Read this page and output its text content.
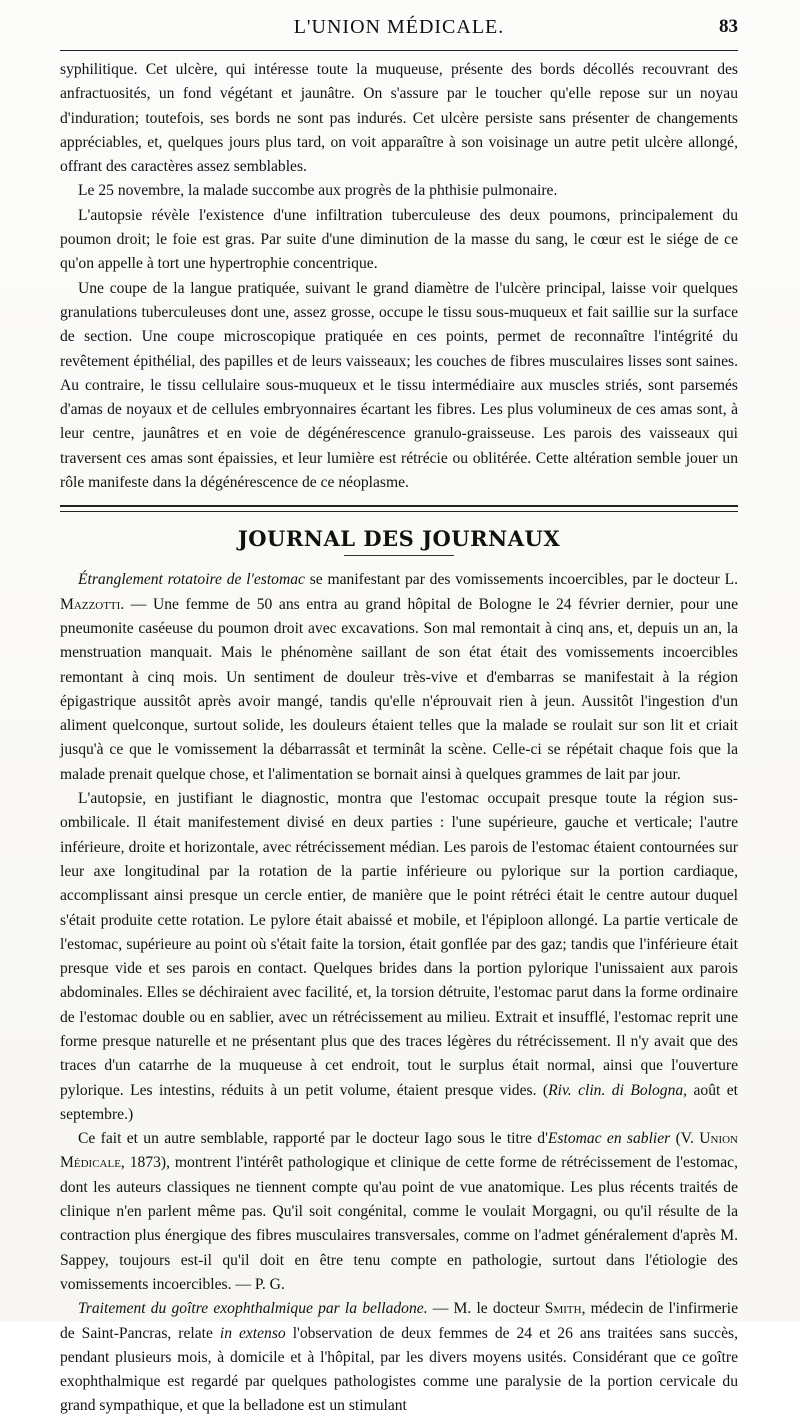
L'UNION MÉDICALE.	83

syphilitique. Cet ulcère, qui intéresse toute la muqueuse, présente des bords décollés recouvrant des anfractuosités, un fond végétant et jaunâtre. On s'assure par le toucher qu'elle repose sur un noyau d'induration; toutefois, ses bords ne sont pas indurés. Cet ulcère persiste sans présenter de changements appréciables, et, quelques jours plus tard, on voit apparaître à son voisinage un autre petit ulcère allongé, offrant des caractères assez semblables.

Le 25 novembre, la malade succombe aux progrès de la phthisie pulmonaire.

L'autopsie révèle l'existence d'une infiltration tuberculeuse des deux poumons, principalement du poumon droit; le foie est gras. Par suite d'une diminution de la masse du sang, le cœur est le siége de ce qu'on appelle à tort une hypertrophie concentrique.

Une coupe de la langue pratiquée, suivant le grand diamètre de l'ulcère principal, laisse voir quelques granulations tuberculeuses dont une, assez grosse, occupe le tissu sous-muqueux et fait saillie sur la surface de section. Une coupe microscopique pratiquée en ces points, permet de reconnaître l'intégrité du revêtement épithélial, des papilles et de leurs vaisseaux; les couches de fibres musculaires lisses sont saines. Au contraire, le tissu cellulaire sous-muqueux et le tissu intermédiaire aux muscles striés, sont parsemés d'amas de noyaux et de cellules embryonnaires écartant les fibres. Les plus volumineux de ces amas sont, à leur centre, jaunâtres et en voie de dégénérescence granulo-graisseuse. Les parois des vaisseaux qui traversent ces amas sont épaissies, et leur lumière est rétrécie ou oblitérée. Cette altération semble jouer un rôle manifeste dans la dégénérescence de ce néoplasme.

JOURNAL DES JOURNAUX

Étranglement rotatoire de l'estomac se manifestant par des vomissements incoercibles, par le docteur L. Mazzotti. — Une femme de 50 ans entra au grand hôpital de Bologne le 24 février dernier, pour une pneumonite caséeuse du poumon droit avec excavations. Son mal remontait à cinq ans, et, depuis un an, la menstruation manquait. Mais le phénomène saillant de son état était des vomissements incoercibles remontant à cinq mois. Un sentiment de douleur très-vive et d'embarras se manifestait à la région épigastrique aussitôt après avoir mangé, tandis qu'elle n'éprouvait rien à jeun. Aussitôt l'ingestion d'un aliment quelconque, surtout solide, les douleurs étaient telles que la malade se roulait sur son lit et criait jusqu'à ce que le vomissement la débarrassât et terminât la scène. Celle-ci se répétait chaque fois que la malade prenait quelque chose, et l'alimentation se bornait ainsi à quelques grammes de lait par jour.

L'autopsie, en justifiant le diagnostic, montra que l'estomac occupait presque toute la région sus-ombilicale. Il était manifestement divisé en deux parties : l'une supérieure, gauche et verticale; l'autre inférieure, droite et horizontale, avec rétrécissement médian. Les parois de l'estomac étaient contournées sur leur axe longitudinal par la rotation de la partie inférieure ou pylorique sur la portion cardiaque, accomplissant ainsi presque un cercle entier, de manière que le point rétréci était le centre autour duquel s'était produite cette rotation. Le pylore était abaissé et mobile, et l'épiploon allongé. La partie verticale de l'estomac, supérieure au point où s'était faite la torsion, était gonflée par des gaz; tandis que l'inférieure était presque vide et ses parois en contact. Quelques brides dans la portion pylorique l'unissaient aux parois abdominales. Elles se déchiraient avec facilité, et, la torsion détruite, l'estomac parut dans la forme ordinaire de l'estomac double ou en sablier, avec un rétrécissement au milieu. Extrait et insufflé, l'estomac reprit une forme presque naturelle et ne présentant plus que des traces légères du rétrécissement. Il n'y avait que des traces d'un catarrhe de la muqueuse à cet endroit, tout le surplus était normal, ainsi que l'ouverture pylorique. Les intestins, réduits à un petit volume, étaient presque vides. (Riv. clin. di Bologna, août et septembre.)

Ce fait et un autre semblable, rapporté par le docteur Iago sous le titre d'Estomac en sablier (V. Union Médicale, 1873), montrent l'intérêt pathologique et clinique de cette forme de rétrécissement de l'estomac, dont les auteurs classiques ne tiennent compte qu'au point de vue anatomique. Les plus récents traités de clinique n'en parlent même pas. Qu'il soit congénital, comme le voulait Morgagni, ou qu'il résulte de la contraction plus énergique des fibres musculaires transversales, comme on l'admet généralement d'après M. Sappey, toujours est-il qu'il doit en être tenu compte en pathologie, surtout dans l'étiologie des vomissements incoercibles. — P. G.

Traitement du goître exophthalmique par la belladone. — M. le docteur Smith, médecin de l'infirmerie de Saint-Pancras, relate in extenso l'observation de deux femmes de 24 et 26 ans traitées sans succès, pendant plusieurs mois, à domicile et à l'hôpital, par les divers moyens usités. Considérant que ce goître exophthalmique est regardé par quelques pathologistes comme une paralysie de la portion cervicale du grand sympathique, et que la belladone est un stimulant
